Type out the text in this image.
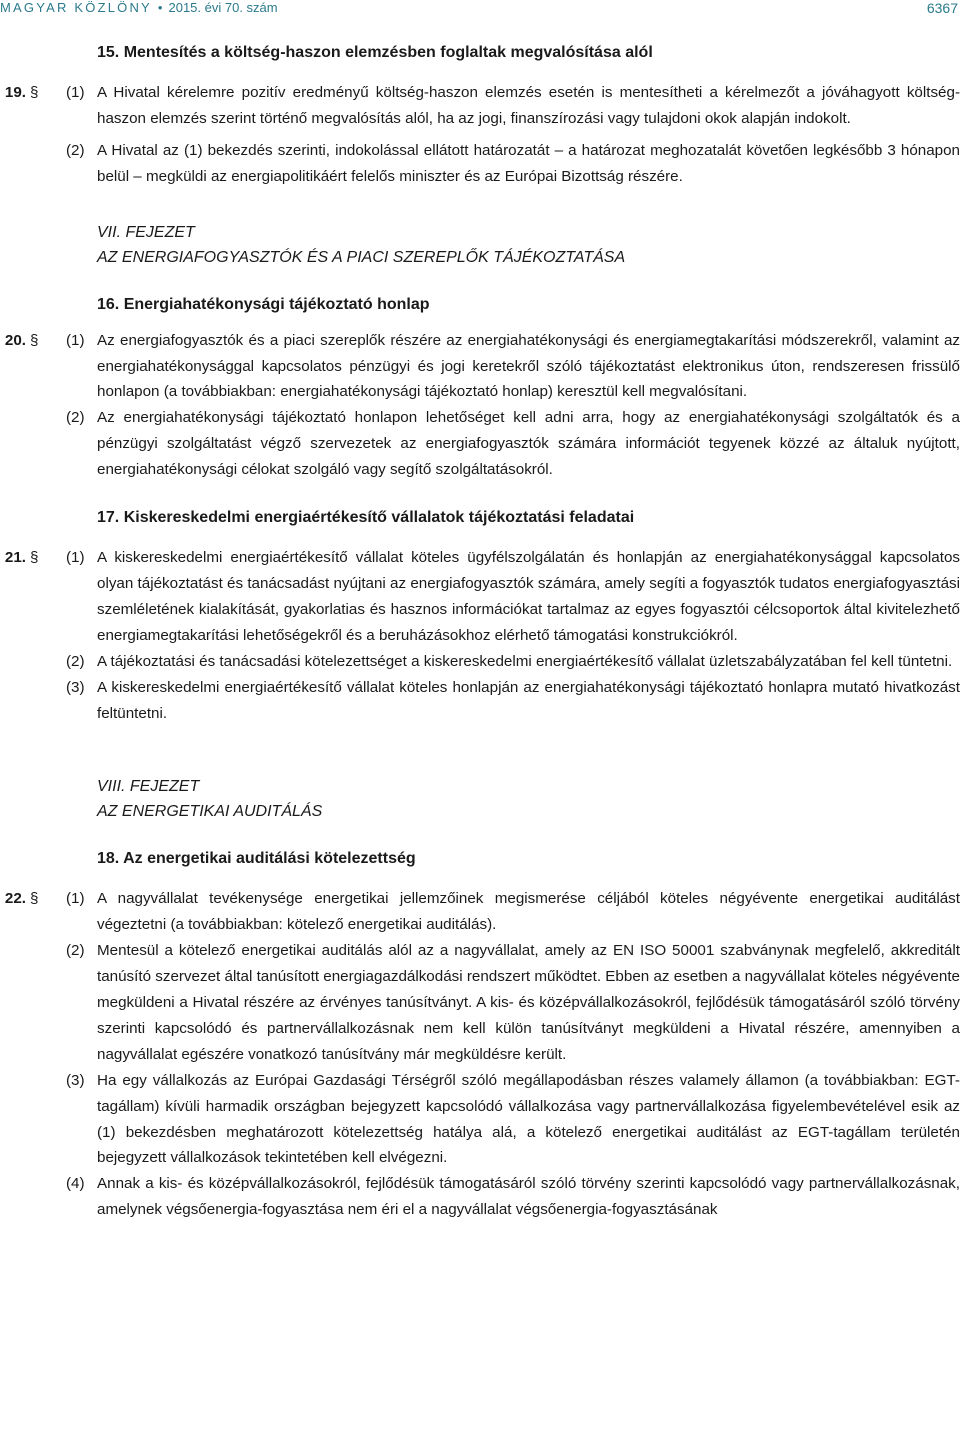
MAGYAR KÖZLÖNY • 2015. évi 70. szám	6367
15. Mentesítés a költség-haszon elemzésben foglaltak megvalósítása alól
19. § (1) A Hivatal kérelemre pozitív eredményű költség-haszon elemzés esetén is mentesítheti a kérelmezőt a jóváhagyott költség-haszon elemzés szerint történő megvalósítás alól, ha az jogi, finanszírozási vagy tulajdoni okok alapján indokolt.
(2) A Hivatal az (1) bekezdés szerinti, indokolással ellátott határozatát – a határozat meghozatalát követően legkésőbb 3 hónapon belül – megküldi az energiapolitikáért felelős miniszter és az Európai Bizottság részére.
VII. FEJEZET
AZ ENERGIAFOGYASZTÓK ÉS A PIACI SZEREPLŐK TÁJÉKOZTATÁSA
16. Energiahatékonysági tájékoztató honlap
20. § (1) Az energiafogyasztók és a piaci szereplők részére az energiahatékonysági és energiamegtakarítási módszerekről, valamint az energiahatékonysággal kapcsolatos pénzügyi és jogi keretekről szóló tájékoztatást elektronikus úton, rendszeresen frissülő honlapon (a továbbiakban: energiahatékonysági tájékoztató honlap) keresztül kell megvalósítani.
(2) Az energiahatékonysági tájékoztató honlapon lehetőséget kell adni arra, hogy az energiahatékonysági szolgáltatók és a pénzügyi szolgáltatást végző szervezetek az energiafogyasztók számára információt tegyenek közzé az általuk nyújtott, energiahatékonysági célokat szolgáló vagy segítő szolgáltatásokról.
17. Kiskereskedelmi energiaértékesítő vállalatok tájékoztatási feladatai
21. § (1) A kiskereskedelmi energiaértékesítő vállalat köteles ügyfélszolgálatán és honlapján az energiahatékonysággal kapcsolatos olyan tájékoztatást és tanácsadást nyújtani az energiafogyasztók számára, amely segíti a fogyasztók tudatos energiafogyasztási szemléletének kialakítását, gyakorlatias és hasznos információkat tartalmaz az egyes fogyasztói célcsoportok által kivitelezhető energiamegtakarítási lehetőségekről és a beruházásokhoz elérhető támogatási konstrukciókról.
(2) A tájékoztatási és tanácsadási kötelezettséget a kiskereskedelmi energiaértékesítő vállalat üzletszabályzatában fel kell tüntetni.
(3) A kiskereskedelmi energiaértékesítő vállalat köteles honlapján az energiahatékonysági tájékoztató honlapra mutató hivatkozást feltüntetni.
VIII. FEJEZET
AZ ENERGETIKAI AUDITÁLÁS
18. Az energetikai auditálási kötelezettség
22. § (1) A nagyvállalat tevékenysége energetikai jellemzőinek megismerése céljából köteles négyévente energetikai auditálást végeztetni (a továbbiakban: kötelező energetikai auditálás).
(2) Mentesül a kötelező energetikai auditálás alól az a nagyvállalat, amely az EN ISO 50001 szabványnak megfelelő, akkreditált tanúsító szervezet által tanúsított energiagazdálkodási rendszert működtet. Ebben az esetben a nagyvállalat köteles négyévente megküldeni a Hivatal részére az érvényes tanúsítványt. A kis- és középvállalkozásokról, fejlődésük támogatásáról szóló törvény szerinti kapcsolódó és partnervállalkozásnak nem kell külön tanúsítványt megküldeni a Hivatal részére, amennyiben a nagyvállalat egészére vonatkozó tanúsítvány már megküldésre került.
(3) Ha egy vállalkozás az Európai Gazdasági Térségről szóló megállapodásban részes valamely államon (a továbbiakban: EGT-tagállam) kívüli harmadik országban bejegyzett kapcsolódó vállalkozása vagy partnervállalkozása figyelembevételével esik az (1) bekezdésben meghatározott kötelezettség hatálya alá, a kötelező energetikai auditálást az EGT-tagállam területén bejegyzett vállalkozások tekintetében kell elvégezni.
(4) Annak a kis- és középvállalkozásokról, fejlődésük támogatásáról szóló törvény szerinti kapcsolódó vagy partnervállalkozásnak, amelynek végsőenergia-fogyasztása nem éri el a nagyvállalat végsőenergia-fogyasztásának
